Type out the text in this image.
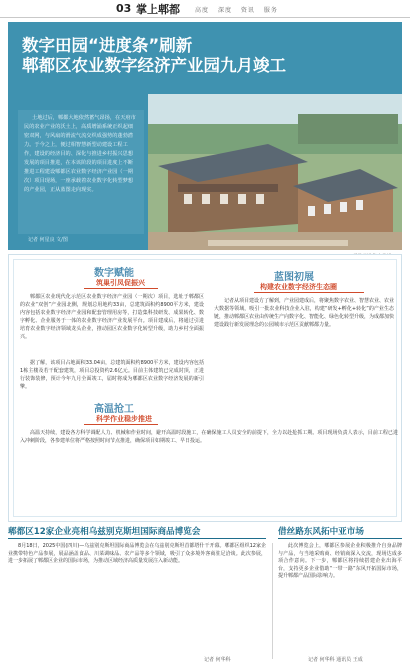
03 掌上郫都	高度 深度 资讯 服务
数字田园“进度条”刷新
郫都区农业数字经济产业园九月竣工
土地过后，郫都大地依然蓄气昂扬，在天府市民的农业产业的沃土上，高质增涌系统正织起细密双网，与风扇的滑流气流交织成强势的蓬勃潜力。于今之上，便过相智慧新型动建设工程工作，建设的经济目的、深化与推进乡村振兴思想发展的项目推进，在本该阶段的项目进度上不断推进工程建设郫都区农业数字经济产业园（一期次）项目现场，一座承载着农业数字化转型梦想的产业园，正从蓝图走向现实。
记者 何星良 文/图
数字赋能
筑巢引凤促振兴
郫都区农业现代化示范区农业数字经济产业园（一期次）项目，选址于郫都区的农业“双创”产业园北侧，规划总用地约33亩，总建筑面积约8900平方米，建设内容包括农业数字经济产业园和配套管理用房等，打造集科技研发、成果转化、数字孵化、企业服务于一体的农业数字经济产业发展平台。项目建成后，将通过引进培育农业数字经济领域龙头企业，推动园区农业数字化转型升级，助力乡村全面振兴。
据了解，该项目占地面积33.04亩，总建筑面积约8900平方米，建设内容包括1栋主楼及若干配套建筑，项目总投资约2.6亿元。目前主体建筑已完成封顶，正进行装饰装修，预计今年九月全面竣工，届时将成为郫都区农业数字经济发展的新引擎。
高温抢工
科学作业稳步推进
高温天持续，建设各方科学调配人力、机械和作业时间，避开高温时段施工，在确保施工人员安全的前提下，全力以赴抢抓工期。项目现场负责人表示，目前工程已进入冲刺阶段，各参建单位将严格按照时间节点推进，确保项目如期竣工、早日投运。
蓝图初展
构建农业数字经济生态圈
记者从项目建设方了解到，产业园建成后，将聚焦数字农业、智慧农业、农业大数据等领域，吸引一批农业科技企业入驻，构建“研发+孵化+转化”的产业生态链，推动郫都区农业由传统生产向数字化、智能化、绿色化转型升级，为成都加快建设践行新发展理念的公园城市示范区贡献郫都力量。
郫都区12家企业亮相乌兹别克斯坦国际商品博览会
8月18日，2025中国(四川)—乌兹别克斯坦国际商品博览会在乌兹别克斯坦首都塔什干开幕。郫都区组织12家企业携带特色产品参展，展品涵盖食品、川菜调味品、农产品等多个领域，吸引了众多境外客商驻足洽谈。此次参展，进一步拓展了郫都区企业的国际市场，为推动区域经济高质量发展注入新动能。
记者 何华科
借丝路东风拓中亚市场
此次博览会上，郫都区参展企业积极推介自身品牌与产品，与当地采购商、经销商深入交流，现场达成多项合作意向。下一步，郫都区将持续搭建企业出海平台，支持更多企业借助“一带一路”东风开拓国际市场，提升郫都产品国际影响力。
记者 何华科 通讯员 王成
